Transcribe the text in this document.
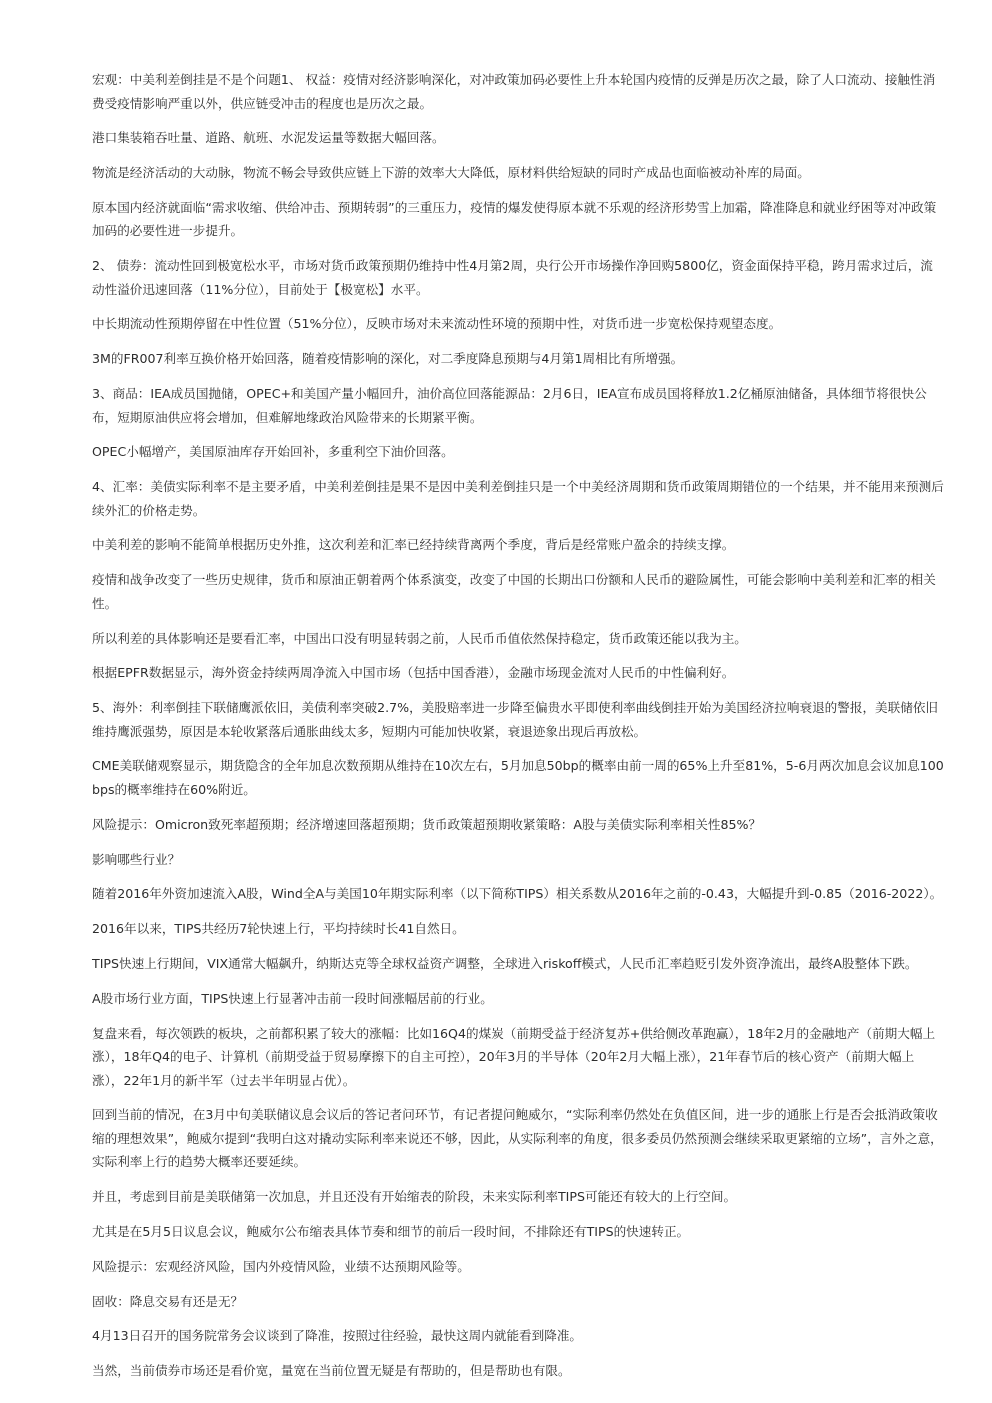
宏观：中美利差倒挂是不是个问题1、 权益：疫情对经济影响深化，对冲政策加码必要性上升本轮国内疫情的反弹是历次之最，除了人口流动、接触性消费受疫情影响严重以外，供应链受冲击的程度也是历次之最。

港口集装箱吞吐量、道路、航班、水泥发运量等数据大幅回落。

物流是经济活动的大动脉，物流不畅会导致供应链上下游的效率大大降低，原材料供给短缺的同时产成品也面临被动补库的局面。

原本国内经济就面临“需求收缩、供给冲击、预期转弱”的三重压力，疫情的爆发使得原本就不乐观的经济形势雪上加霜，降准降息和就业纾困等对冲政策加码的必要性进一步提升。

2、 债券：流动性回到极宽松水平，市场对货币政策预期仍维持中性4月第2周，央行公开市场操作净回购5800亿，资金面保持平稳，跨月需求过后，流动性溢价迅速回落（11%分位），目前处于【极宽松】水平。

中长期流动性预期停留在中性位置（51%分位），反映市场对未来流动性环境的预期中性，对货币进一步宽松保持观望态度。

3M的FR007利率互换价格开始回落，随着疫情影响的深化，对二季度降息预期与4月第1周相比有所增强。

3、商品：IEA成员国抛储，OPEC+和美国产量小幅回升，油价高位回落能源品：2月6日，IEA宣布成员国将释放1.2亿桶原油储备，具体细节将很快公布，短期原油供应将会增加，但难解地缘政治风险带来的长期紧平衡。

OPEC小幅增产，美国原油库存开始回补，多重利空下油价回落。

4、汇率：美债实际利率不是主要矛盾，中美利差倒挂是果不是因中美利差倒挂只是一个中美经济周期和货币政策周期错位的一个结果，并不能用来预测后续外汇的价格走势。

中美利差的影响不能简单根据历史外推，这次利差和汇率已经持续背离两个季度，背后是经常账户盈余的持续支撑。

疫情和战争改变了一些历史规律，货币和原油正朝着两个体系演变，改变了中国的长期出口份额和人民币的避险属性，可能会影响中美利差和汇率的相关性。

所以利差的具体影响还是要看汇率，中国出口没有明显转弱之前，人民币币值依然保持稳定，货币政策还能以我为主。

根据EPFR数据显示，海外资金持续两周净流入中国市场（包括中国香港），金融市场现金流对人民币的中性偏利好。

5、海外：利率倒挂下联储鹰派依旧，美债利率突破2.7%，美股赔率进一步降至偏贵水平即使利率曲线倒挂开始为美国经济拉响衰退的警报，美联储依旧维持鹰派强势，原因是本轮收紧落后通胀曲线太多，短期内可能加快收紧，衰退迹象出现后再放松。

CME美联储观察显示，期货隐含的全年加息次数预期从维持在10次左右，5月加息50bp的概率由前一周的65%上升至81%，5-6月两次加息会议加息100bps的概率维持在60%附近。

风险提示：Omicron致死率超预期；经济增速回落超预期；货币政策超预期收紧策略：A股与美债实际利率相关性85%？

影响哪些行业？

随着2016年外资加速流入A股，Wind全A与美国10年期实际利率（以下简称TIPS）相关系数从2016年之前的-0.43，大幅提升到-0.85（2016-2022）。

2016年以来，TIPS共经历7轮快速上行，平均持续时长41自然日。

TIPS快速上行期间，VIX通常大幅飙升，纳斯达克等全球权益资产调整，全球进入riskoff模式，人民币汇率趋贬引发外资净流出，最终A股整体下跌。

A股市场行业方面，TIPS快速上行显著冲击前一段时间涨幅居前的行业。

复盘来看，每次领跌的板块，之前都积累了较大的涨幅：比如16Q4的煤炭（前期受益于经济复苏+供给侧改革跑赢），18年2月的金融地产（前期大幅上涨），18年Q4的电子、计算机（前期受益于贸易摩擦下的自主可控），20年3月的半导体（20年2月大幅上涨），21年春节后的核心资产（前期大幅上涨），22年1月的新半军（过去半年明显占优）。

回到当前的情况，在3月中旬美联储议息会议后的答记者问环节，有记者提问鲍威尔，“实际利率仍然处在负值区间，进一步的通胀上行是否会抵消政策收缩的理想效果”，鲍威尔提到“我明白这对撬动实际利率来说还不够，因此，从实际利率的角度，很多委员仍然预测会继续采取更紧缩的立场”，言外之意，实际利率上行的趋势大概率还要延续。

并且，考虑到目前是美联储第一次加息，并且还没有开始缩表的阶段，未来实际利率TIPS可能还有较大的上行空间。

尤其是在5月5日议息会议，鲍威尔公布缩表具体节奏和细节的前后一段时间，不排除还有TIPS的快速转正。

风险提示：宏观经济风险，国内外疫情风险，业绩不达预期风险等。

固收：降息交易有还是无？

4月13日召开的国务院常务会议谈到了降准，按照过往经验，最快这周内就能看到降准。

当然，当前债券市场还是看价宽，量宽在当前位置无疑是有帮助的，但是帮助也有限。
